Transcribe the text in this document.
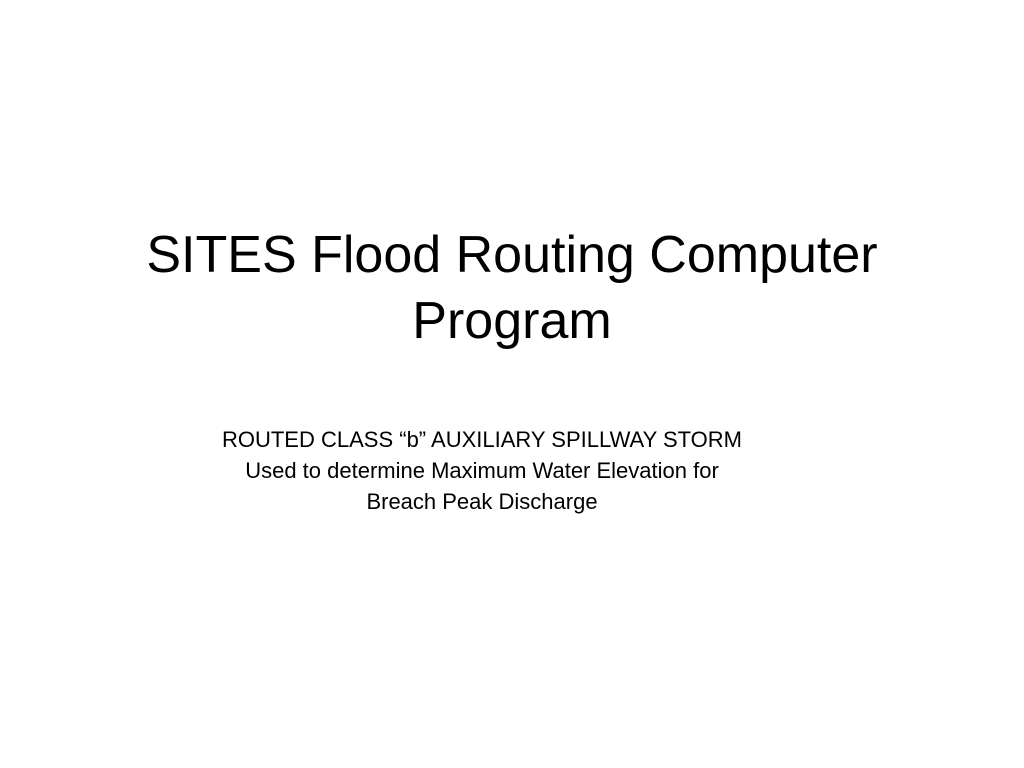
SITES Flood Routing Computer
Program
ROUTED CLASS “b” AUXILIARY SPILLWAY STORM
Used to determine Maximum Water Elevation for
Breach Peak Discharge
